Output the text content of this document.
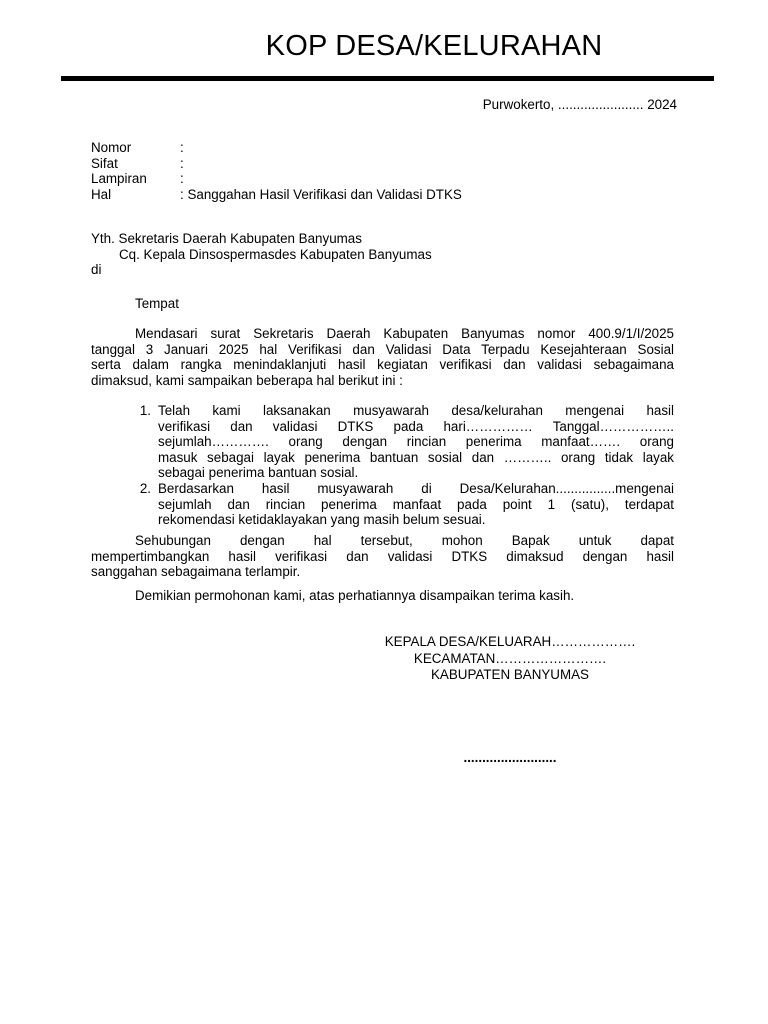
KOP DESA/KELURAHAN
Purwokerto, ....................... 2024
Nomor	:
Sifat	:
Lampiran	:
Hal	: Sanggahan Hasil Verifikasi dan Validasi DTKS
Yth. Sekretaris Daerah Kabupaten Banyumas
Cq. Kepala Dinsospermasdes Kabupaten Banyumas
di
Tempat
Mendasari surat Sekretaris Daerah Kabupaten Banyumas nomor 400.9/1/I/2025
tanggal 3 Januari 2025 hal Verifikasi dan Validasi Data Terpadu Kesejahteraan Sosial
serta dalam rangka menindaklanjuti hasil kegiatan verifikasi dan validasi sebagaimana
dimaksud, kami sampaikan beberapa hal berikut ini :
1. Telah kami laksanakan musyawarah desa/kelurahan mengenai hasil
verifikasi dan validasi DTKS pada hari…………… Tanggal……………..
sejumlah…………. orang dengan rincian penerima manfaat……. orang
masuk sebagai layak penerima bantuan sosial dan ……….. orang tidak layak
sebagai penerima bantuan sosial.
2. Berdasarkan hasil musyawarah di Desa/Kelurahan................mengenai
sejumlah dan rincian penerima manfaat pada point 1 (satu), terdapat
rekomendasi ketidaklayakan yang masih belum sesuai.
Sehubungan dengan hal tersebut, mohon Bapak untuk dapat
mempertimbangkan hasil verifikasi dan validasi DTKS dimaksud dengan hasil
sanggahan sebagaimana terlampir.
Demikian permohonan kami, atas perhatiannya disampaikan terima kasih.
KEPALA DESA/KELUARAH……………….
KECAMATAN…………………….
KABUPATEN BANYUMAS
.........................
